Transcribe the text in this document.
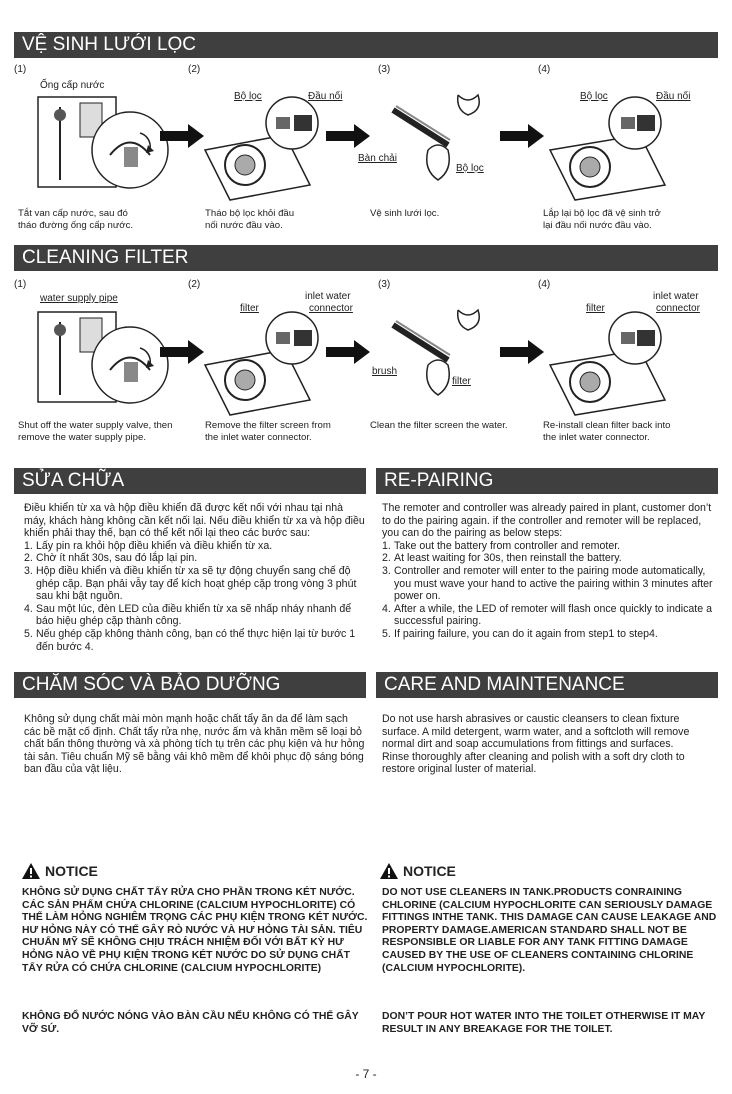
VỆ SINH LƯỚI LỌC
(1)	(2)	(3)	(4)
Ống cấp nước
Bộ lọc	Đầu nối
Bàn chải
Bộ lọc
Bộ lọc	Đầu nối
Tắt van cấp nước, sau đó
tháo đường ống cấp nước.
Tháo bộ lọc khỏi đầu
nối nước đầu vào.
Vệ sinh lưới lọc.	Lắp lại bộ lọc đã vệ sinh trở
lại đầu nối nước đầu vào.
CLEANING FILTER
(1)	(2)	(3)	(4)
water supply pipe
filter
inlet water
connector
brush
filter
filter
inlet water
connector
Shut off the water supply valve, then
remove the water supply pipe.
Remove the filter screen from
the inlet water connector.
Clean the filter screen the water.	Re-install clean filter back into
the inlet water connector.
SỬA CHỮA	RE-PAIRING

Điều khiển từ xa và hộp điều khiển đã được kết nối với nhau tại nhà máy, khách hàng không cần kết nối lại. Nếu điều khiển từ xa và hộp điều khiển phải thay thế, bạn có thể kết nối lại theo các bước sau:

1. Lấy pin ra khỏi hộp điều khiển và điều khiển từ xa.
2. Chờ ít nhất 30s, sau đó lắp lại pin.
3. Hộp điều khiển và điều khiển từ xa sẽ tự động chuyển sang chế độ ghép cặp. Bạn phải vẫy tay để kích hoạt ghép cặp trong vòng 3 phút sau khi bật nguồn.
4. Sau một lúc, đèn LED của điều khiển từ xa sẽ nhấp nháy nhanh để báo hiệu ghép cặp thành công.
5. Nếu ghép cặp không thành công, bạn có thể thực hiện lại từ bước 1 đến bước 4.

The remoter and controller was already paired in plant, customer don’t to do the pairing again. if the controller and remoter will be replaced, you can do the pairing as below steps:

1. Take out the battery from controller and remoter.
2. At least waiting for 30s, then reinstall the battery.
3. Controller and remoter will enter to the pairing mode automatically, you must wave your hand to active the pairing within 3 minutes after power on.
4. After a while, the LED of remoter will flash once quickly to indicate a successful pairing.
5. If pairing failure, you can do it again from step1 to step4.
CHĂM SÓC VÀ BẢO DƯỠNG	CARE AND MAINTENANCE
Không sử dụng chất mài mòn mạnh hoặc chất tẩy ăn da để làm sạch các bề mặt cố định. Chất tẩy rửa nhẹ, nước ấm và khăn mềm sẽ loại bỏ chất bẩn thông thường và xà phòng tích tụ trên các phụ kiện và hư hỏng tài sản. Tiêu chuẩn Mỹ sẽ bằng vải khô mềm để khôi phục độ sáng bóng ban đầu của vật liệu.
Do not use harsh abrasives or caustic cleansers to clean fixture surface. A mild detergent, warm water, and a softcloth will remove normal dirt and soap accumulations from fittings and surfaces. Rinse thoroughly after cleaning and polish with a soft dry cloth to restore original luster of material.
NOTICE	NOTICE
KHÔNG SỬ DỤNG CHẤT TẨY RỬA CHO PHẦN TRONG KÉT NƯỚC. CÁC SẢN PHẨM CHỨA CHLORINE (CALCIUM HYPOCHLORITE) CÓ THỂ LÀM HỎNG NGHIÊM TRỌNG CÁC PHỤ KIỆN TRONG KÉT NƯỚC. HƯ HỎNG NÀY CÓ THỂ GÂY RÒ NƯỚC VÀ HƯ HỎNG TÀI SẢN. TIÊU CHUẨN MỸ SẼ KHÔNG CHỊU TRÁCH NHIỆM ĐỐI VỚI BẤT KỲ HƯ HỎNG NÀO VỀ PHỤ KIỆN TRONG KÉT NƯỚC DO SỬ DỤNG CHẤT TẨY RỬA CÓ CHỨA CHLORINE (CALCIUM HYPOCHLORITE)
KHÔNG ĐỔ NƯỚC NÓNG VÀO BÀN CẦU NẾU KHÔNG CÓ THỂ GÂY VỠ SỨ.
DO NOT USE CLEANERS IN TANK.PRODUCTS CONRAINING CHLORINE (CALCIUM HYPOCHLORITE CAN SERIOUSLY DAMAGE FITTINGS INTHE TANK. THIS DAMAGE CAN CAUSE LEAKAGE AND PROPERTY DAMAGE.AMERICAN STANDARD SHALL NOT BE RESPONSIBLE OR LIABLE FOR ANY TANK FITTING DAMAGE CAUSED BY THE USE OF CLEANERS CONTAINING CHLORINE (CALCIUM HYPOCHLORITE).
DON’T POUR HOT WATER INTO THE TOILET OTHERWISE IT MAY RESULT IN ANY BREAKAGE FOR THE TOILET.
- 7 -
